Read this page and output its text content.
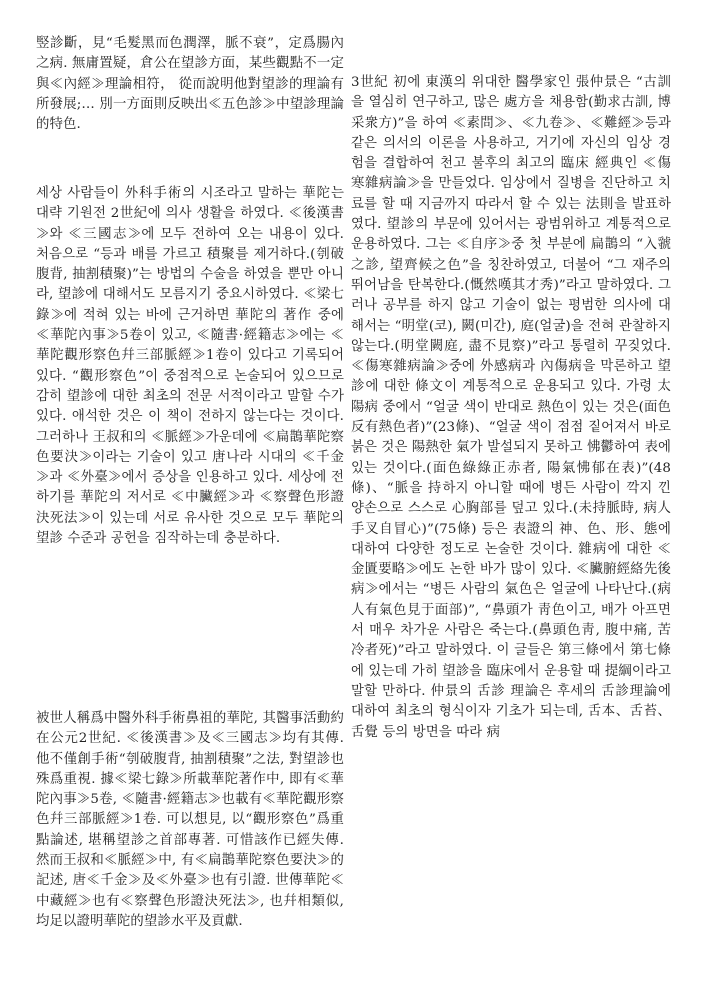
竪診斷，見“毛髮黑而色潤澤，脈不衰”，定爲腸內之病. 無庸置疑，倉公在望診方面，某些觀點不一定與≪內經≫理論相符， 從而說明他對望診的理論有所發展;… 別一方面則反映出≪五色診≫中望診理論的特色.

세상 사람들이 外科手術의 시조라고 말하는 華陀는 대략 기원전 2世紀에 의사 생활을 하였다. ≪後漢書≫와 ≪三國志≫에 모두 전하여 오는 내용이 있다. 처음으로 “등과 배를 가르고 積聚를 제거하다.(刳破腹背, 抽割積聚)”는 방법의 수술을 하였을 뿐만 아니라, 望診에 대해서도 모름지기 중요시하였다. ≪梁七錄≫에 적혀 있는 바에 근거하면 華陀의 著作 중에 ≪華陀內事≫5卷이 있고, ≪隨書·經籍志≫에는 ≪華陀觀形察色幷三部脈經≫1卷이 있다고 기록되어 있다. “觀形察色”이 중점적으로 논술되어 있으므로 감히 望診에 대한 최초의 전문 서적이라고 말할 수가 있다. 애석한 것은 이 책이 전하지 않는다는 것이다. 그러하나 王叔和의 ≪脈經≫가운데에 ≪扁鵲華陀察色要決≫이라는 기술이 있고 唐나라 시대의 ≪千金≫과 ≪外臺≫에서 증상을 인용하고 있다. 세상에 전하기를 華陀의 저서로 ≪中臟經≫과 ≪察聲色形證決死法≫이 있는데 서로 유사한 것으로 모두 華陀의 望診 수준과 공헌을 짐작하는데 충분하다.

被世人稱爲中醫外科手術鼻祖的華陀, 其醫事活動約在公元2世紀. ≪後漢書≫及≪三國志≫均有其傳. 他不僅創手術“刳破腹背, 抽割積聚”之法, 對望診也殊爲重視. 據≪梁七錄≫所載華陀著作中, 即有≪華陀內事≫5卷, ≪隨書·經籍志≫也載有≪華陀觀形察色幷三部脈經≫1卷. 可以想見, 以“觀形察色”爲重點論述, 堪稱望診之首部專著. 可惜該作已經失傳. 然而王叔和≪脈經≫中, 有≪扁鵲華陀察色要決≫的記述, 唐≪千金≫及≪外臺≫也有引證. 世傳華陀≪中藏經≫也有≪察聲色形證決死法≫, 也幷相類似, 均足以證明華陀的望診水平及貢獻.

3世紀 初에 東漢의 위대한 醫學家인 張仲景은 “古訓을 열심히 연구하고, 많은 處方을 채용함(勤求古訓, 博采衆方)”을 하여 ≪素問≫、≪九卷≫、≪難經≫등과 같은 의서의 이론을 사용하고, 거기에 자신의 임상 경험을 결합하여 천고 불후의 최고의 臨床 經典인 ≪傷寒雜病論≫을 만들었다. 임상에서 질병을 진단하고 치료를 할 때 지금까지 따라서 할 수 있는 法則을 발표하였다. 望診의 부문에 있어서는 광범위하고 계통적으로 운용하였다. 그는 ≪自序≫중 첫 부분에 扁鵲의 “入虢之診, 望齊候之色”을 칭찬하였고, 더불어 “그 재주의 뛰어남을 탄복한다.(慨然嘆其才秀)”라고 말하였다. 그러나 공부를 하지 않고 기술이 없는 평범한 의사에 대해서는 “明堂(코), 闕(미간), 庭(얼굴)을 전혀 관찰하지 않는다.(明堂闕庭, 盡不見察)”라고 통렬히 꾸짖었다. ≪傷寒雜病論≫중에 外感病과 內傷病을 막론하고 望診에 대한 條文이 계통적으로 운용되고 있다. 가령 太陽病 중에서 “얼굴 색이 반대로 熱色이 있는 것은(面色反有熱色者)”(23條)、“얼굴 색이 점점 짙어져서 바로 붉은 것은 陽熱한 氣가 발설되지 못하고 怫鬱하여 表에 있는 것이다.(面色綠綠正赤者, 陽氣怫郁在表)”(48條)、“脈을 持하지 아니할 때에 병든 사람이 깍지 낀 양손으로 스스로 心胸部를 덮고 있다.(未持脈時, 病人手叉自冒心)”(75條) 등은 表證의 神、色、形、態에 대하여 다양한 정도로 논술한 것이다. 雜病에 대한 ≪金匱要略≫에도 논한 바가 많이 있다. ≪臟腑經絡先後病≫에서는 “병든 사람의 氣色은 얼굴에 나타난다.(病人有氣色見于面部)”, “鼻頭가 靑色이고, 배가 아프면서 매우 차가운 사람은 죽는다.(鼻頭色靑, 腹中痛, 苦冷者死)”라고 말하였다. 이 글들은 第三條에서 第七條에 있는데 가히 望診을 臨床에서 운용할 때 提綱이라고 말할 만하다. 仲景의 舌診 理論은 후세의 舌診理論에 대하여 최초의 형식이자 기초가 되는데, 舌本、舌苔、舌覺 등의 방면을 따라 病
